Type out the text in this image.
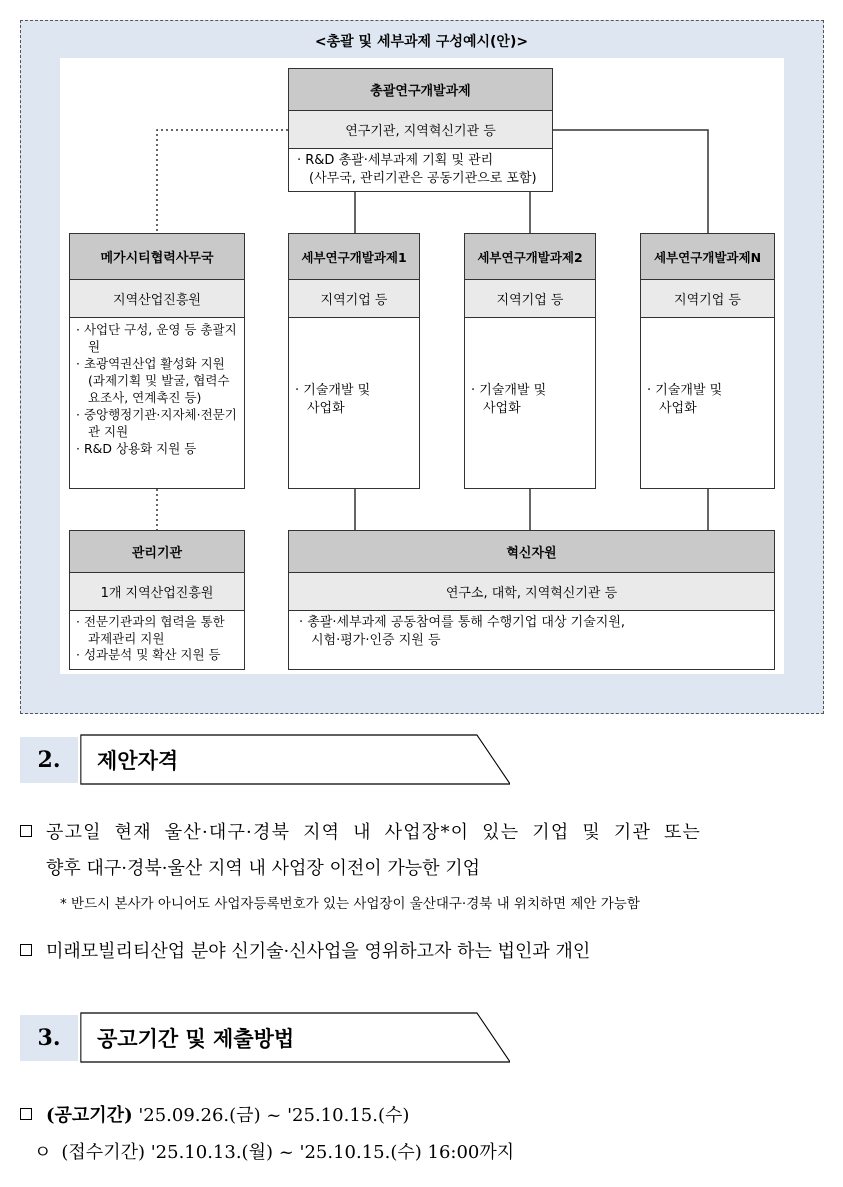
<총괄 및 세부과제 구성예시(안)>
총괄연구개발과제
연구기관, 지역혁신기관 등
· R&D 총괄·세부과제 기획 및 관리
(사무국, 관리기관은 공동기관으로 포함)
메가시티협력사무국
지역산업진흥원
· 사업단 구성, 운영 등 총괄지원
· 초광역권산업 활성화 지원(과제기획 및 발굴, 협력수요조사, 연계촉진 등)
· 중앙행정기관·지자체·전문기관 지원
· R&D 상용화 지원 등
세부연구개발과제1
지역기업 등
· 기술개발 및
사업화
세부연구개발과제2
지역기업 등
· 기술개발 및
사업화
세부연구개발과제N
지역기업 등
· 기술개발 및
사업화
관리기관
1개 지역산업진흥원
· 전문기관과의 협력을 통한 과제관리 지원
· 성과분석 및 확산 지원 등
혁신자원
연구소, 대학, 지역혁신기관 등
· 총괄·세부과제 공동참여를 통해 수행기업 대상 기술지원,
시험·평가·인증 지원 등
2.	제안자격
공고일 현재 울산·대구·경북 지역 내 사업장*이 있는 기업 및 기관 또는
향후 대구·경북·울산 지역 내 사업장 이전이 가능한 기업
* 반드시 본사가 아니어도 사업자등록번호가 있는 사업장이 울산대구·경북 내 위치하면 제안 가능함
미래모빌리티산업 분야 신기술·신사업을 영위하고자 하는 법인과 개인
3.	공고기간 및 제출방법
(공고기간) '25.09.26.(금) ~ '25.10.15.(수)
ㅇ (접수기간) '25.10.13.(월) ~ '25.10.15.(수) 16:00까지
